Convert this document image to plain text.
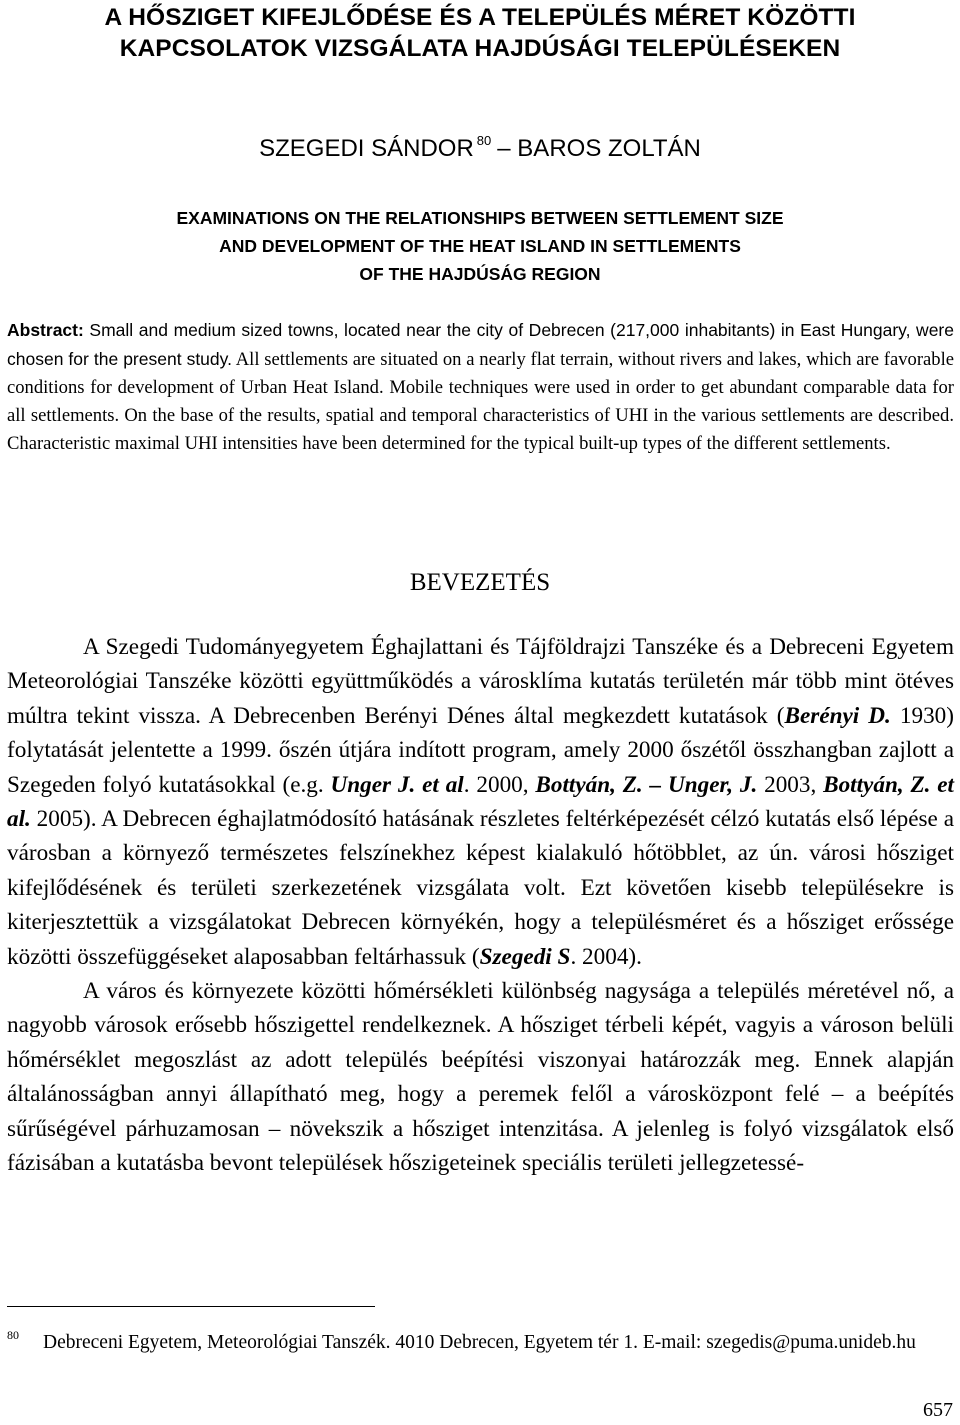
A HŐSZIGET KIFEJLŐDÉSE ÉS A TELEPÜLÉS MÉRET KÖZÖTTI
KAPCSOLATOK VIZSGÁLATA HAJDÚSÁGI TELEPÜLÉSEKEN
SZEGEDI SÁNDOR $^{80}$ – BAROS ZOLTÁN
EXAMINATIONS ON THE RELATIONSHIPS BETWEEN SETTLEMENT SIZE
AND DEVELOPMENT OF THE HEAT ISLAND IN SETTLEMENTS
OF THE HAJDÚSÁG REGION
Abstract: Small and medium sized towns, located near the city of Debrecen (217,000 inhabitants) in East Hungary, were chosen for the present study. All settlements are situated on a nearly flat terrain, without rivers and lakes, which are favorable conditions for development of Urban Heat Island. Mobile techniques were used in order to get abundant comparable data for all settlements. On the base of the results, spatial and temporal characteristics of UHI in the various settlements are described. Characteristic maximal UHI intensities have been determined for the typical built-up types of the different settlements.
BEVEZETÉS

A Szegedi Tudományegyetem Éghajlattani és Tájföldrajzi Tanszéke és a Debreceni Egyetem Meteorológiai Tanszéke közötti együttműködés a városklíma kutatás területén már több mint ötéves múltra tekint vissza. A Debrecenben Berényi Dénes által megkezdett kutatások (Berényi D. 1930) folytatását jelentette a 1999. őszén útjára indított program, amely 2000 őszétől összhangban zajlott a Szegeden folyó kutatásokkal (e.g. Unger J. et al. 2000, Bottyán, Z. – Unger, J. 2003, Bottyán, Z. et al. 2005). A Debrecen éghajlatmódosító hatásának részletes feltérképezését célzó kutatás első lépése a városban a környező természetes felszínekhez képest kialakuló hőtöbblet, az ún. városi hősziget kifejlődésének és területi szerkezetének vizsgálata volt. Ezt követően kisebb településekre is kiterjesztettük a vizsgálatokat Debrecen környékén, hogy a településméret és a hősziget erőssége közötti összefüggéseket alaposabban feltárhassuk (Szegedi S. 2004).

A város és környezete közötti hőmérsékleti különbség nagysága a település méretével nő, a nagyobb városok erősebb hőszigettel rendelkeznek. A hősziget térbeli képét, vagyis a városon belüli hőmérséklet megoszlást az adott település beépítési viszonyai határozzák meg. Ennek alapján általánosságban annyi állapítható meg, hogy a peremek felől a városközpont felé – a beépítés sűrűségével párhuzamosan – növekszik a hősziget intenzitása. A jelenleg is folyó vizsgálatok első fázisában a kutatásba bevont települések hőszigeteinek speciális területi jellegzetessé-

$^{80}$ Debreceni Egyetem, Meteorológiai Tanszék. 4010 Debrecen, Egyetem tér 1. E-mail: szegedis@puma.unideb.hu
657
